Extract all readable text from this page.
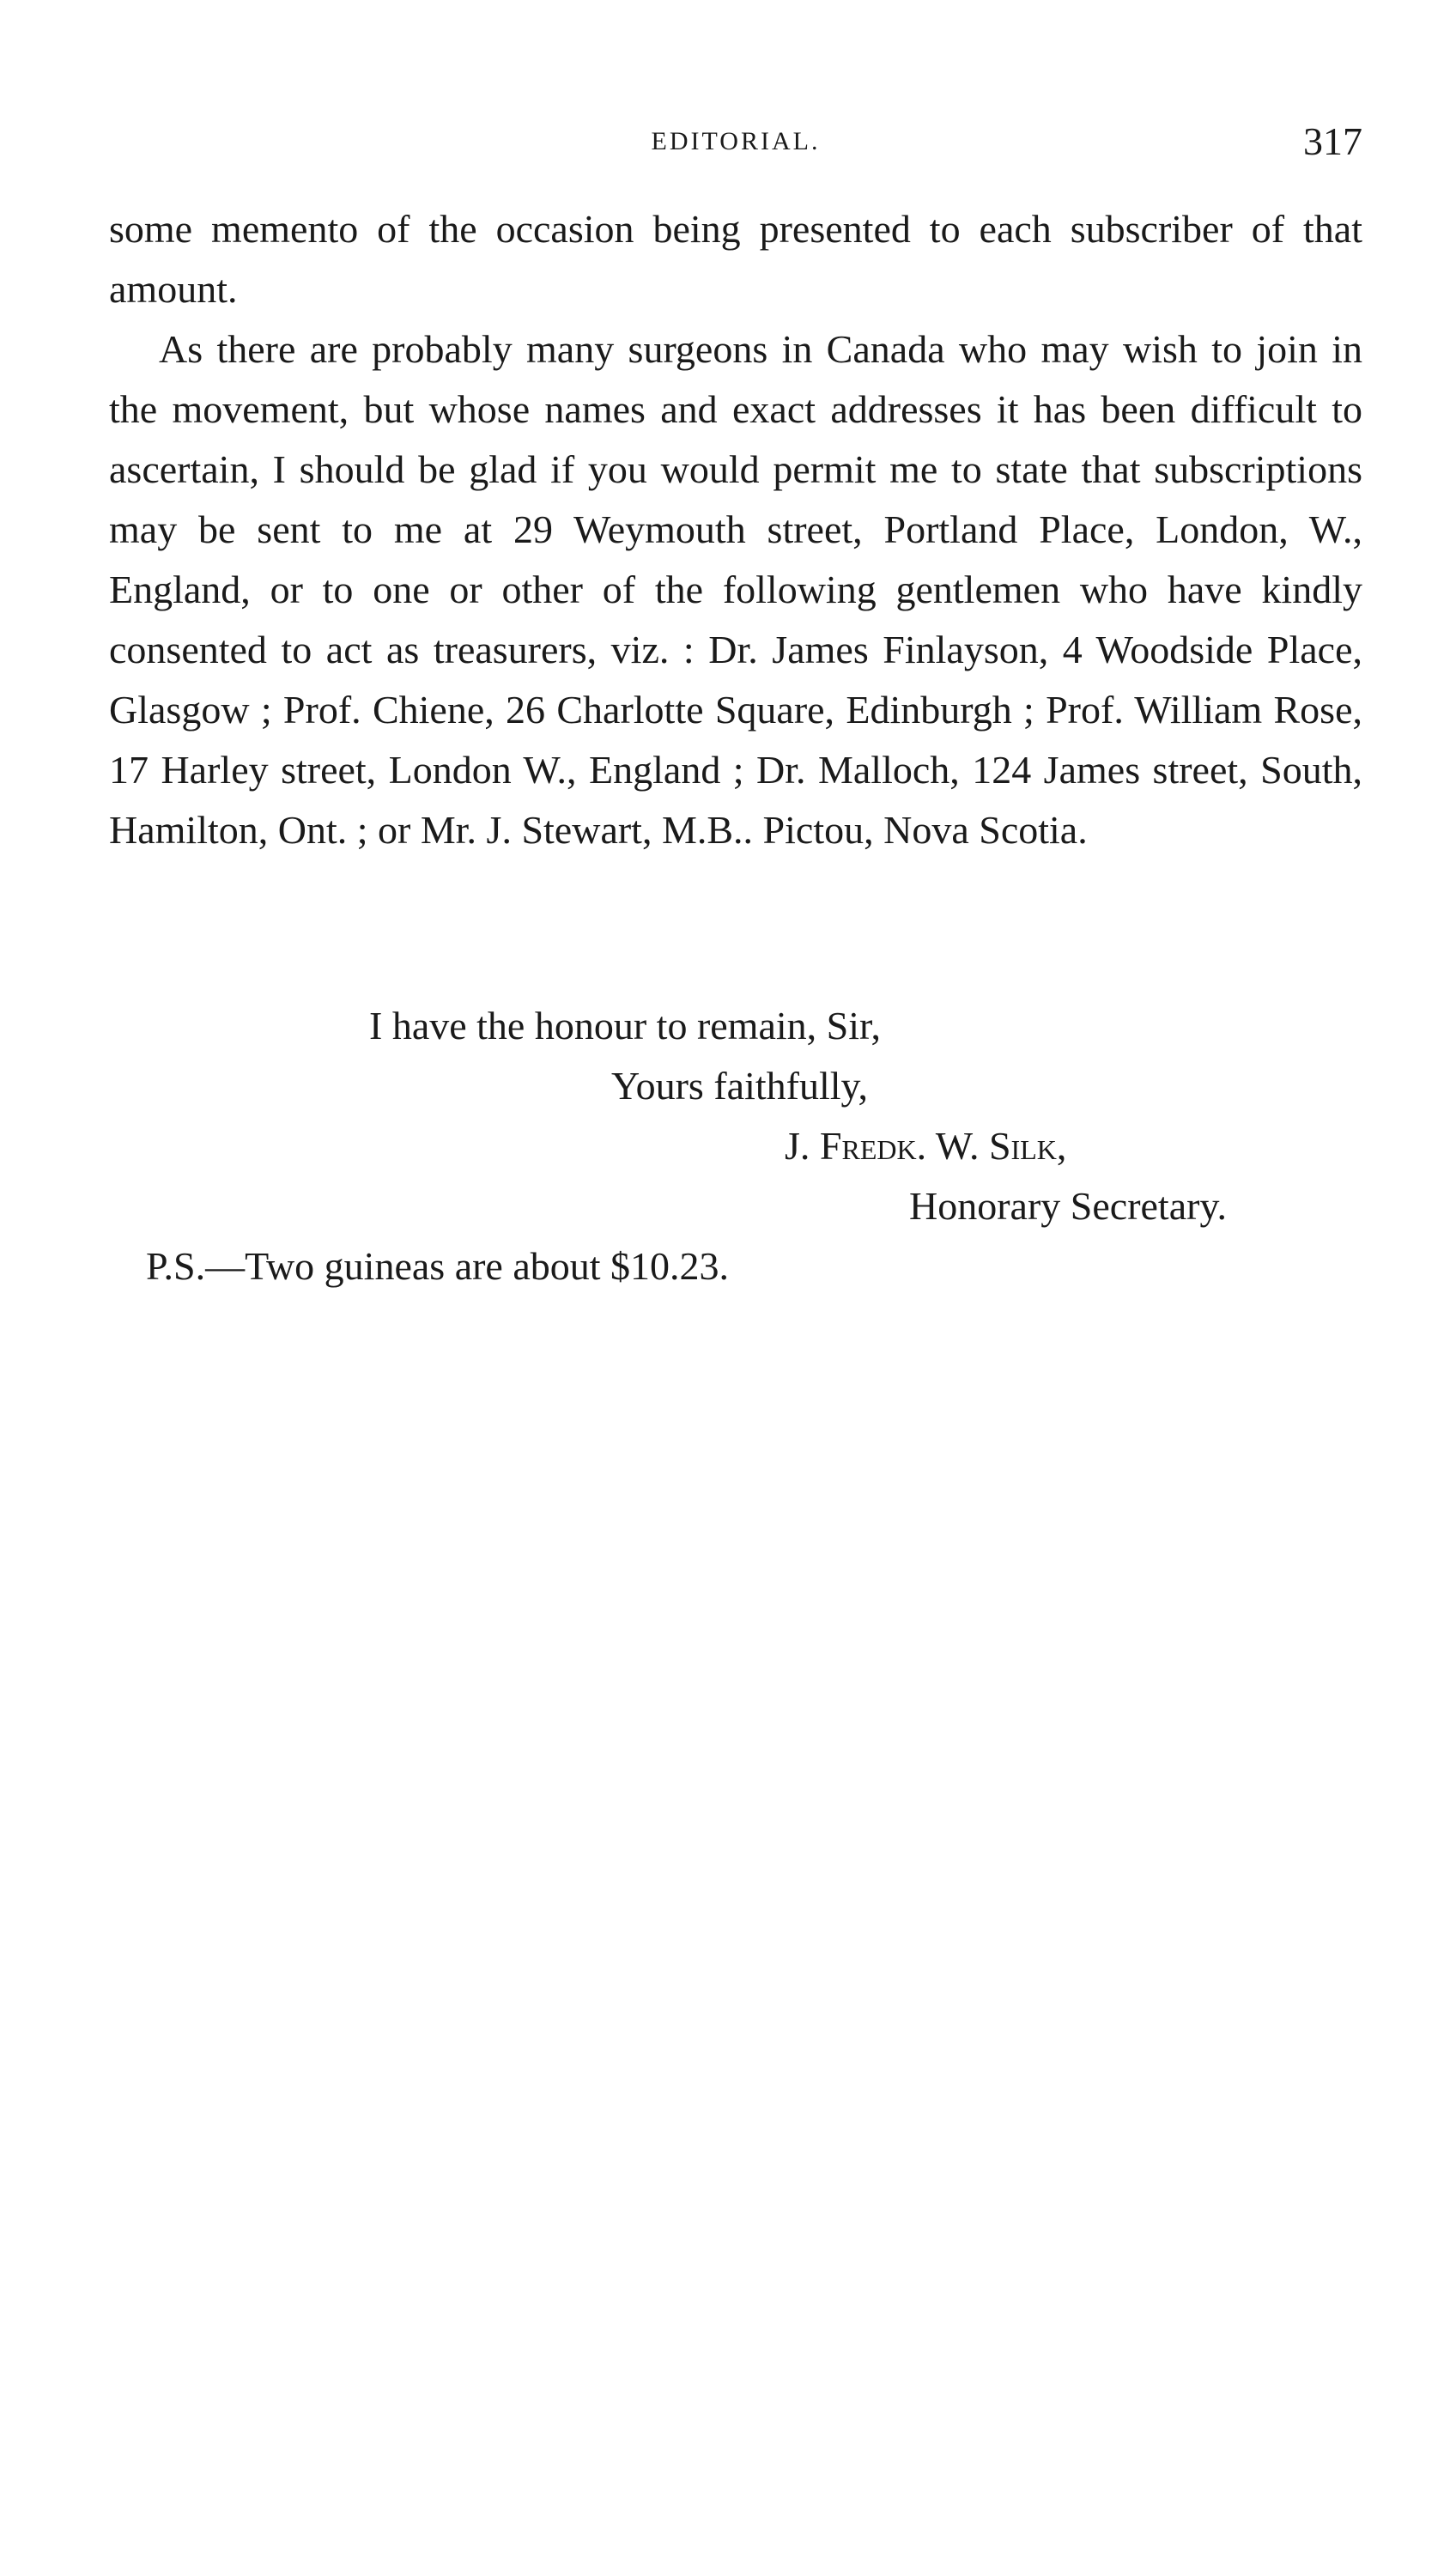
EDITORIAL.	317

some memento of the occasion being presented to each subscriber of that amount.

As there are probably many surgeons in Canada who may wish to join in the movement, but whose names and exact addresses it has been difficult to ascertain, I should be glad if you would permit me to state that subscriptions may be sent to me at 29 Weymouth street, Portland Place, London, W., England, or to one or other of the following gentlemen who have kindly consented to act as treasurers, viz. : Dr. James Finlayson, 4 Woodside Place, Glasgow ; Prof. Chiene, 26 Charlotte Square, Edinburgh ; Prof. William Rose, 17 Harley street, London W., England ; Dr. Malloch, 124 James street, South, Hamilton, Ont. ; or Mr. J. Stewart, M.B.. Pictou, Nova Scotia.

I have the honour to remain, Sir,
Yours faithfully,
J. Fredk. W. Silk,
Honorary Secretary.
P.S.—Two guineas are about $10.23.
